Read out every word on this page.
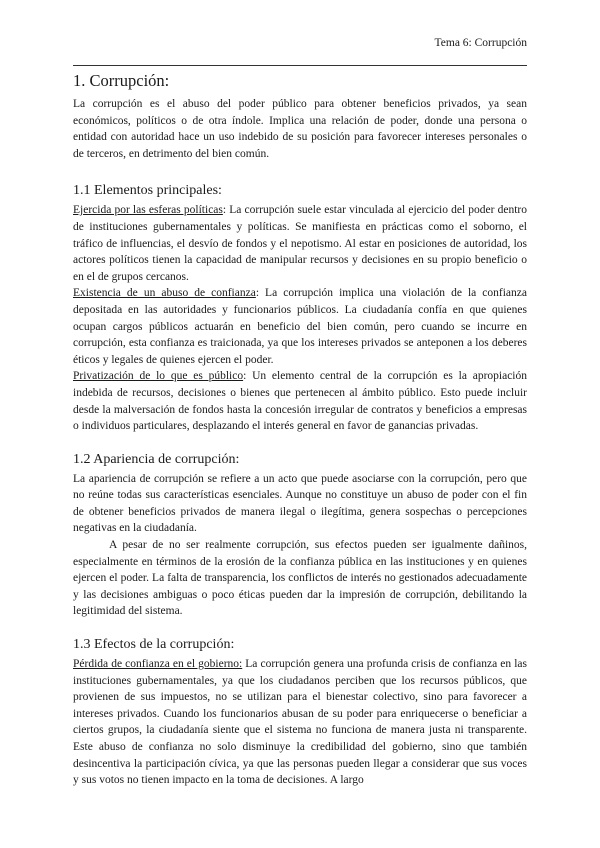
Tema 6: Corrupción
1. Corrupción:

La corrupción es el abuso del poder público para obtener beneficios privados, ya sean económicos, políticos o de otra índole. Implica una relación de poder, donde una persona o entidad con autoridad hace un uso indebido de su posición para favorecer intereses personales o de terceros, en detrimento del bien común.

1.1 Elementos principales:

Ejercida por las esferas políticas: La corrupción suele estar vinculada al ejercicio del poder dentro de instituciones gubernamentales y políticas. Se manifiesta en prácticas como el soborno, el tráfico de influencias, el desvío de fondos y el nepotismo. Al estar en posiciones de autoridad, los actores políticos tienen la capacidad de manipular recursos y decisiones en su propio beneficio o en el de grupos cercanos.

Existencia de un abuso de confianza: La corrupción implica una violación de la confianza depositada en las autoridades y funcionarios públicos. La ciudadanía confía en que quienes ocupan cargos públicos actuarán en beneficio del bien común, pero cuando se incurre en corrupción, esta confianza es traicionada, ya que los intereses privados se anteponen a los deberes éticos y legales de quienes ejercen el poder.

Privatización de lo que es público: Un elemento central de la corrupción es la apropiación indebida de recursos, decisiones o bienes que pertenecen al ámbito público. Esto puede incluir desde la malversación de fondos hasta la concesión irregular de contratos y beneficios a empresas o individuos particulares, desplazando el interés general en favor de ganancias privadas.

1.2 Apariencia de corrupción:

La apariencia de corrupción se refiere a un acto que puede asociarse con la corrupción, pero que no reúne todas sus características esenciales. Aunque no constituye un abuso de poder con el fin de obtener beneficios privados de manera ilegal o ilegítima, genera sospechas o percepciones negativas en la ciudadanía.

A pesar de no ser realmente corrupción, sus efectos pueden ser igualmente dañinos, especialmente en términos de la erosión de la confianza pública en las instituciones y en quienes ejercen el poder. La falta de transparencia, los conflictos de interés no gestionados adecuadamente y las decisiones ambiguas o poco éticas pueden dar la impresión de corrupción, debilitando la legitimidad del sistema.

1.3 Efectos de la corrupción:

Pérdida de confianza en el gobierno: La corrupción genera una profunda crisis de confianza en las instituciones gubernamentales, ya que los ciudadanos perciben que los recursos públicos, que provienen de sus impuestos, no se utilizan para el bienestar colectivo, sino para favorecer a intereses privados. Cuando los funcionarios abusan de su poder para enriquecerse o beneficiar a ciertos grupos, la ciudadanía siente que el sistema no funciona de manera justa ni transparente. Este abuso de confianza no solo disminuye la credibilidad del gobierno, sino que también desincentiva la participación cívica, ya que las personas pueden llegar a considerar que sus voces y sus votos no tienen impacto en la toma de decisiones. A largo
